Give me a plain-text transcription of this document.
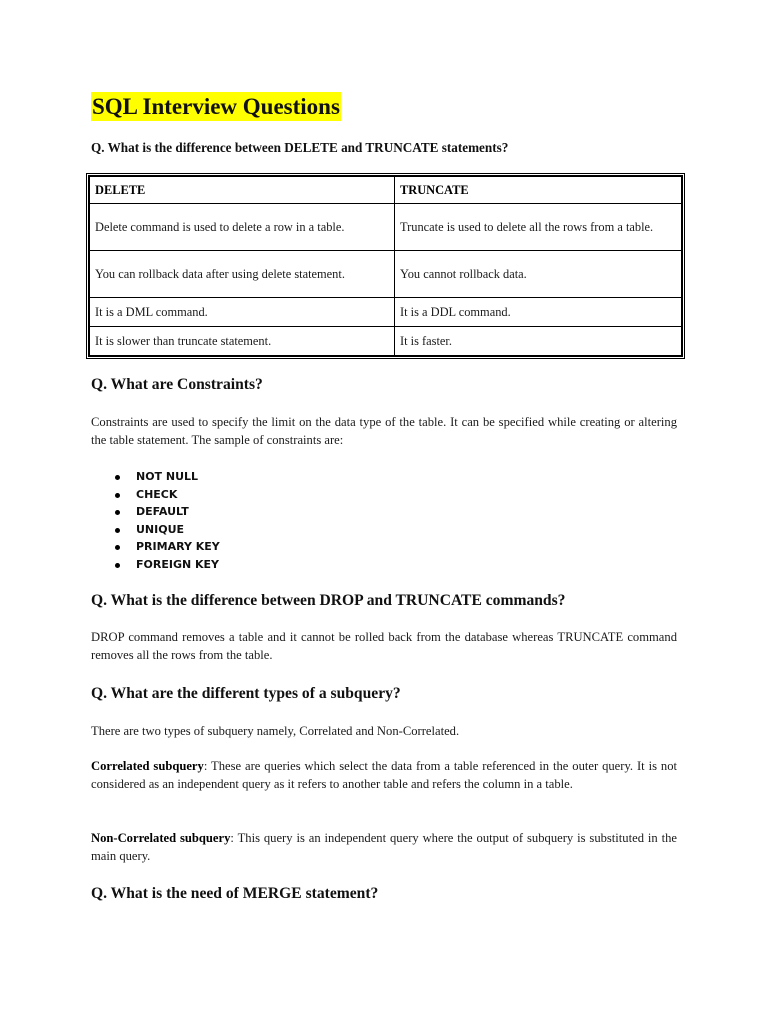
SQL Interview Questions
Q. What is the difference between DELETE and TRUNCATE statements?
DELETE	TRUNCATE
Delete command is used to delete a row in a table.	Truncate is used to delete all the rows from a table.
You can rollback data after using delete statement.	You cannot rollback data.
It is a DML command.	It is a DDL command.
It is slower than truncate statement.	It is faster.
Q. What are Constraints?
Constraints are used to specify the limit on the data type of the table. It can be specified while creating or altering the table statement. The sample of constraints are:
NOT NULL
CHECK
DEFAULT
UNIQUE
PRIMARY KEY
FOREIGN KEY
Q. What is the difference between DROP and TRUNCATE commands?
DROP command removes a table and it cannot be rolled back from the database whereas TRUNCATE command removes all the rows from the table.
Q. What are the different types of a subquery?
There are two types of subquery namely, Correlated and Non-Correlated.
Correlated subquery: These are queries which select the data from a table referenced in the outer query. It is not considered as an independent query as it refers to another table and refers the column in a table.
Non-Correlated subquery: This query is an independent query where the output of subquery is substituted in the main query.
Q. What is the need of MERGE statement?
